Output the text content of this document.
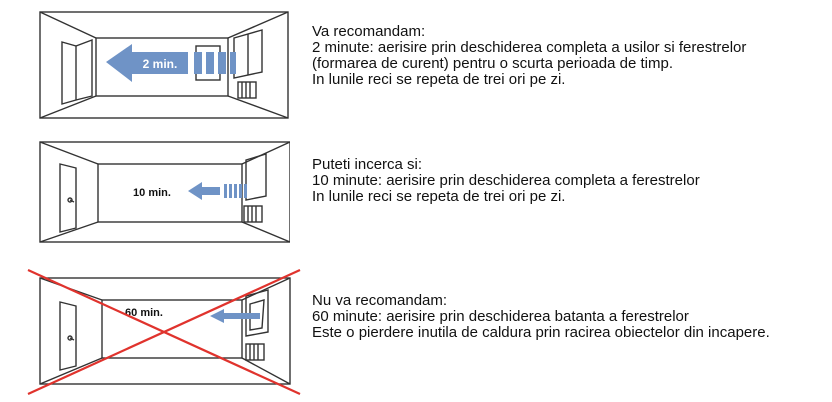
2 min.
Va recomandam:
2 minute: aerisire prin deschiderea completa a usilor si ferestrelor
(formarea de curent) pentru o scurta perioada de timp.
In lunile reci se repeta de trei ori pe zi.
10 min.
Puteti incerca si:
10 minute: aerisire prin deschiderea completa a ferestrelor
In lunile reci se repeta de trei ori pe zi.
60 min.
Nu va recomandam:
60 minute: aerisire prin deschiderea batanta a ferestrelor
Este o pierdere inutila de caldura prin racirea obiectelor din incapere.
